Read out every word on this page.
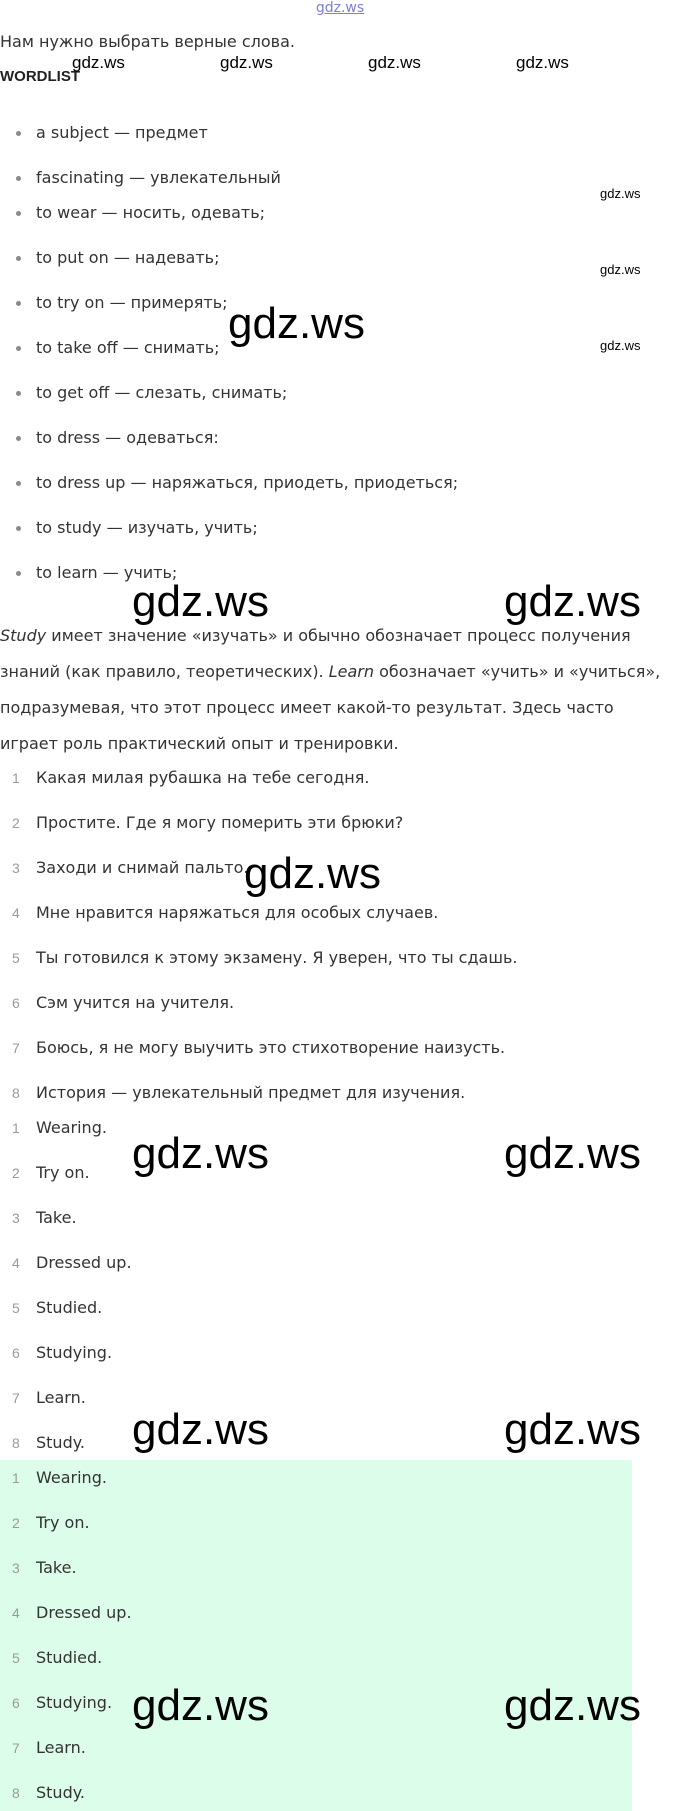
gdz.ws
Нам нужно выбрать верные слова.
WORDLIST
gdz.ws	gdz.ws	gdz.ws	gdz.ws
a subject — предмет
fascinating — увлекательный
to wear — носить, одевать;
to put on — надевать;
to try on — примерять;
to take off — снимать;
to get off — слезать, снимать;
to dress — одеваться:
to dress up — наряжаться, приодеть, приодеться;
to study — изучать, учить;
to learn — учить;
gdz.ws
gdz.ws
gdz.ws
gdz.ws
gdz.ws	gdz.ws
Study имеет значение «изучать» и обычно обозначает процесс получения знаний (как правило, теоретических). Learn обозначает «учить» и «учиться», подразумевая, что этот процесс имеет какой-то результат. Здесь часто играет роль практический опыт и тренировки.
1	Какая милая рубашка на тебе сегодня.
2	Простите. Где я могу померить эти брюки?
3	Заходи и снимай пальто.
4	Мне нравится наряжаться для особых случаев.
5	Ты готовился к этому экзамену. Я уверен, что ты сдашь.
6	Сэм учится на учителя.
7	Боюсь, я не могу выучить это стихотворение наизусть.
8	История — увлекательный предмет для изучения.
gdz.ws
1	Wearing.
2	Try on.
3	Take.
4	Dressed up.
5	Studied.
6	Studying.
7	Learn.
8	Study.
gdz.ws	gdz.ws
gdz.ws	gdz.ws
1	Wearing.
2	Try on.
3	Take.
4	Dressed up.
5	Studied.
6	Studying.
7	Learn.
8	Study.
gdz.ws	gdz.ws
